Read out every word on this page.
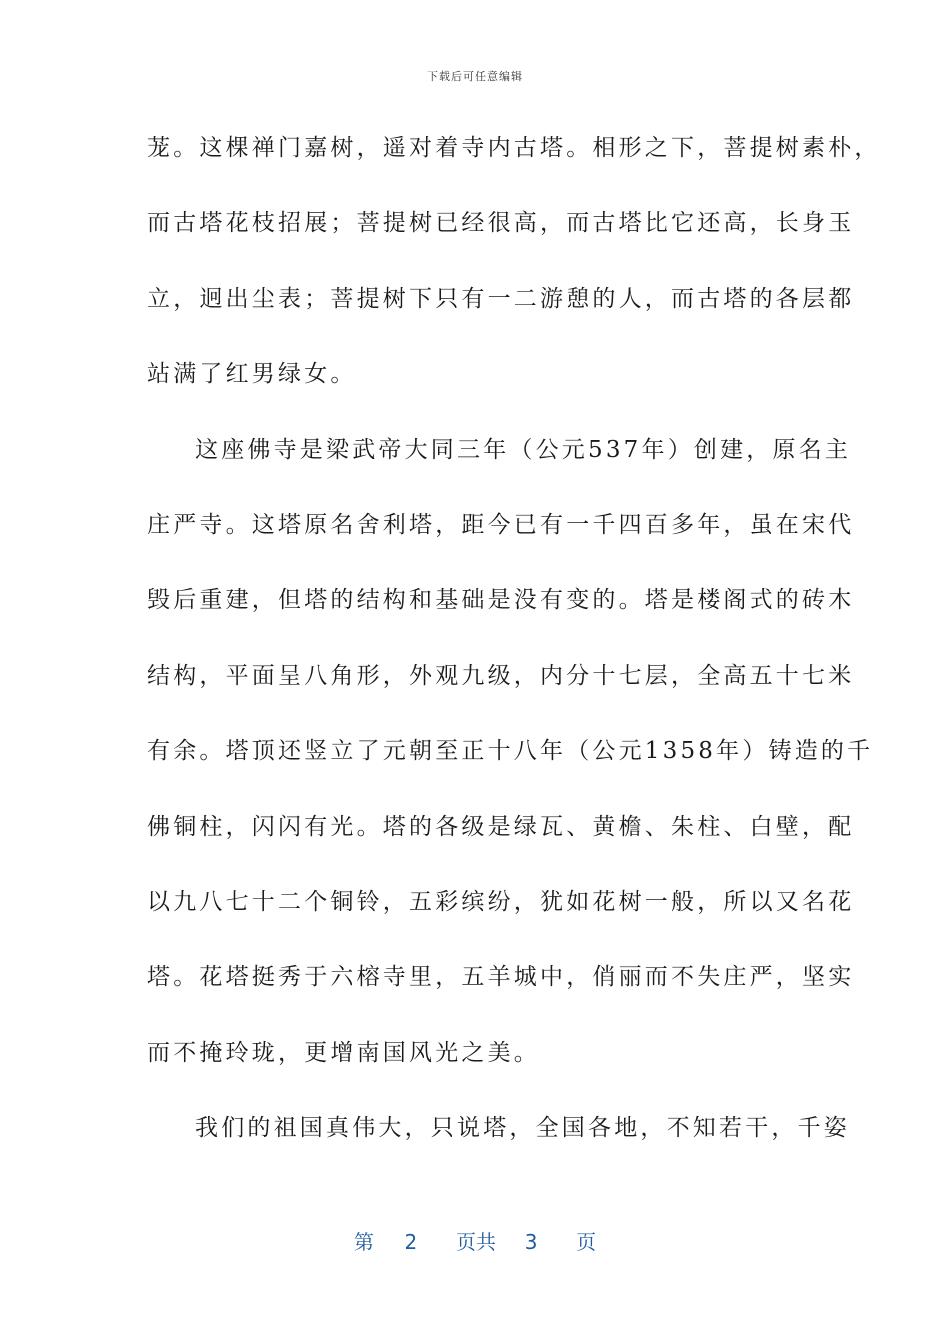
下载后可任意编辑
茏。这棵禅门嘉树，遥对着寺内古塔。相形之下，菩提树素朴，
而古塔花枝招展；菩提树已经很高，而古塔比它还高，长身玉
立，迥出尘表；菩提树下只有一二游憩的人，而古塔的各层都
站满了红男绿女。
这座佛寺是梁武帝大同三年（公元537年）创建，原名主
庄严寺。这塔原名舍利塔，距今已有一千四百多年，虽在宋代
毁后重建，但塔的结构和基础是没有变的。塔是楼阁式的砖木
结构，平面呈八角形，外观九级，内分十七层，全高五十七米
有余。塔顶还竖立了元朝至正十八年（公元1358年）铸造的千
佛铜柱，闪闪有光。塔的各级是绿瓦、黄檐、朱柱、白壁，配
以九八七十二个铜铃，五彩缤纷，犹如花树一般，所以又名花
塔。花塔挺秀于六榕寺里，五羊城中，俏丽而不失庄严，坚实
而不掩玲珑，更增南国风光之美。
我们的祖国真伟大，只说塔，全国各地，不知若干，千姿
第 2 页共 3 页
